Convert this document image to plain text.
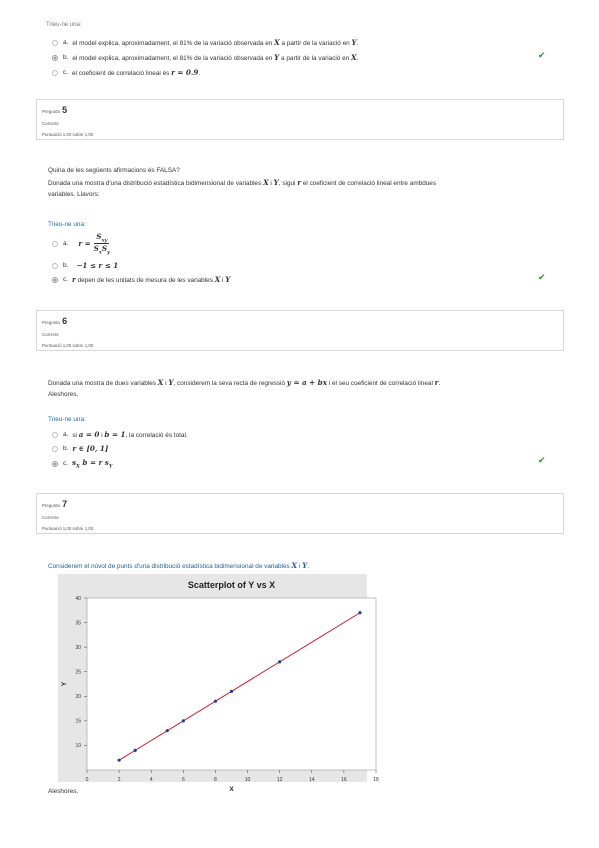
Trieu-ne una:
a. el model explica, aproximadament, el 81% de la variació observada en X a partir de la variació en Y.
b. el model explica, aproximadament, el 81% de la variació observada en Y a partir de la variació en X.	✔
c. el coeficient de correlació lineal és r = 0.9.
Pregunta 5
Correcte
Puntuació 1,00 sobre 1,00
Quina de les següents afirmacions és FALSA?
Donada una mostra d'una distribució estadística bidimensional de variables X i Y, sigui r el coeficient de correlació lineal entre ambdues
variables. Llavors:
Trieu-ne una:
a. $r = \frac{S_{xy}}{S_xS_y}$
b. −1 ≤ r ≤ 1
c. r depen de les unitats de mesura de les variables X i Y	✔
Pregunta 6
Correcte
Puntuació 1,00 sobre 1,00
Donada una mostra de dues variables X i Y, considerem la seva recta de regressió y = a + bx i el seu coeficient de correlació lineal r.
Aleshores,
Trieu-ne una:
a. si a = 0 i b = 1, la correlació és total.
b. r ∈ [0, 1]
c. $s_X$ b = r $s_Y$
✔
Pregunta 7
Correcte
Puntuació 1,00 sobre 1,00
Considerem el núvol de punts d'una distribució estadística bidimensional de variables X i Y.
Scatterplot of Y vs X
0	2	4	6	8	10	12	14	16	18
10
15
20
25
30
35
40
X
Y
Aleshores,
